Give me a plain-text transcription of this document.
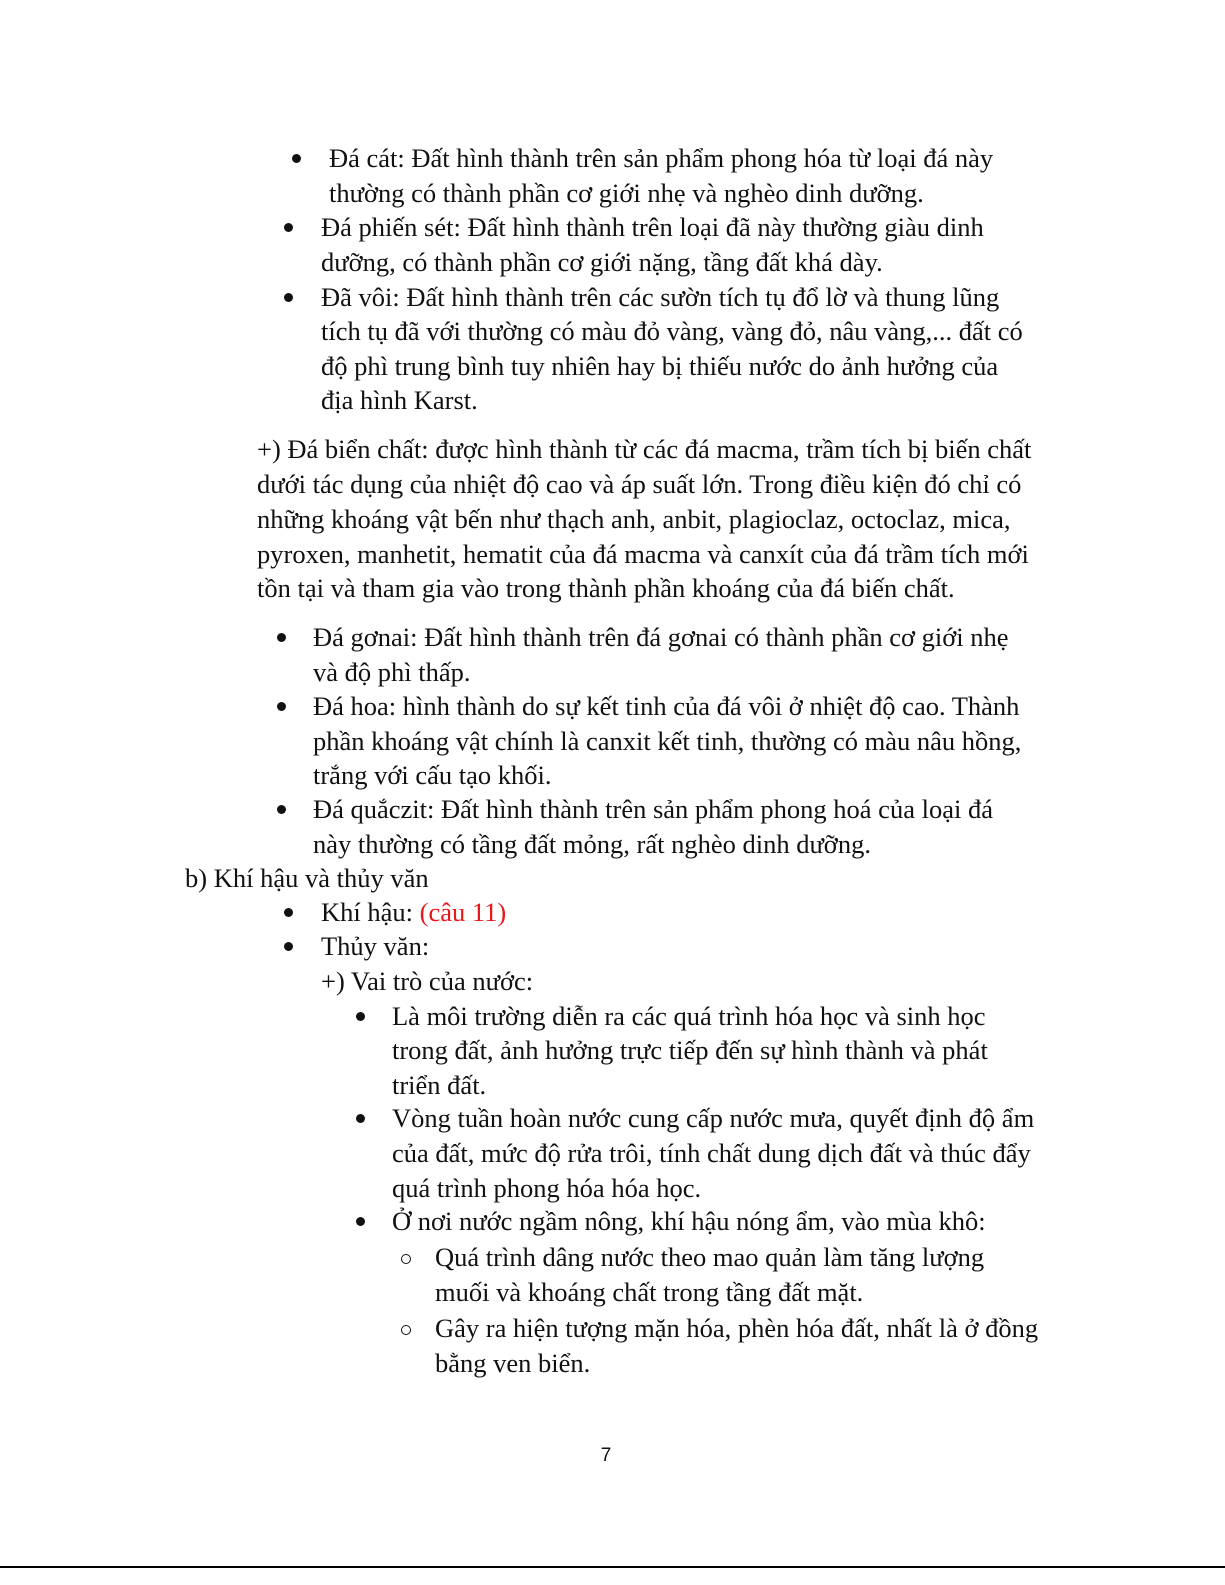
Đá cát: Đất hình thành trên sản phẩm phong hóa từ loại đá này
thường có thành phần cơ giới nhẹ và nghèo dinh dưỡng.
Đá phiến sét: Đất hình thành trên loại đã này thường giàu dinh
dưỡng, có thành phần cơ giới nặng, tầng đất khá dày.
Đã vôi: Đất hình thành trên các sườn tích tụ đổ lờ và thung lũng
tích tụ đã với thường có màu đỏ vàng, vàng đỏ, nâu vàng,... đất có
độ phì trung bình tuy nhiên hay bị thiếu nước do ảnh hưởng của
địa hình Karst.
+) Đá biển chất: được hình thành từ các đá macma, trầm tích bị biến chất
dưới tác dụng của nhiệt độ cao và áp suất lớn. Trong điều kiện đó chỉ có
những khoáng vật bến như thạch anh, anbit, plagioclaz, octoclaz, mica,
pyroxen, manhetit, hematit của đá macma và canxít của đá trầm tích mới
tồn tại và tham gia vào trong thành phần khoáng của đá biến chất.
Đá gơnai: Đất hình thành trên đá gơnai có thành phần cơ giới nhẹ
và độ phì thấp.
Đá hoa: hình thành do sự kết tinh của đá vôi ở nhiệt độ cao. Thành
phần khoáng vật chính là canxit kết tinh, thường có màu nâu hồng,
trắng với cấu tạo khối.
Đá quắczit: Đất hình thành trên sản phẩm phong hoá của loại đá
này thường có tầng đất mỏng, rất nghèo dinh dưỡng.
b) Khí hậu và thủy văn
Khí hậu: (câu 11)
Thủy văn:
+) Vai trò của nước:
Là môi trường diễn ra các quá trình hóa học và sinh học
trong đất, ảnh hưởng trực tiếp đến sự hình thành và phát
triển đất.
Vòng tuần hoàn nước cung cấp nước mưa, quyết định độ ẩm
của đất, mức độ rửa trôi, tính chất dung dịch đất và thúc đẩy
quá trình phong hóa hóa học.
Ở nơi nước ngầm nông, khí hậu nóng ẩm, vào mùa khô:
Quá trình dâng nước theo mao quản làm tăng lượng
muối và khoáng chất trong tầng đất mặt.
Gây ra hiện tượng mặn hóa, phèn hóa đất, nhất là ở đồng
bằng ven biển.
7
